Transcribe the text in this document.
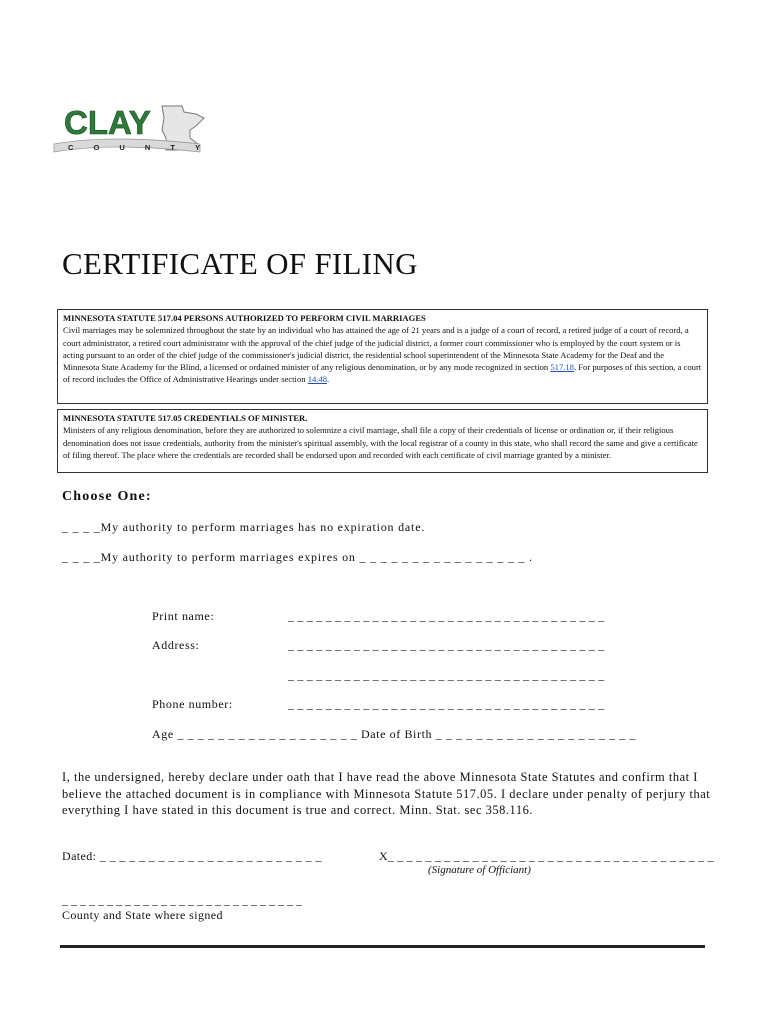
CLAY
C O U N T Y
CERTIFICATE OF FILING
MINNESOTA STATUTE 517.04 PERSONS AUTHORIZED TO PERFORM CIVIL MARRIAGES
Civil marriages may be solemnized throughout the state by an individual who has attained the age of 21 years and is a judge of a court of record, a retired judge of a court of record, a court administrator, a retired court administrator with the approval of the chief judge of the judicial district, a former court commissioner who is employed by the court system or is acting pursuant to an order of the chief judge of the commissioner's judicial district, the residential school superintendent of the Minnesota State Academy for the Deaf and the Minnesota State Academy for the Blind, a licensed or ordained minister of any religious denomination, or by any mode recognized in section 517.18. For purposes of this section, a court of record includes the Office of Administrative Hearings under section 14.48.
MINNESOTA STATUTE 517.05 CREDENTIALS OF MINISTER.
Ministers of any religious denomination, before they are authorized to solemnize a civil marriage, shall file a copy of their credentials of license or ordination or, if their religious denomination does not issue credentials, authority from the minister's spiritual assembly, with the local registrar of a county in this state, who shall record the same and give a certificate of filing thereof. The place where the credentials are recorded shall be endorsed upon and recorded with each certificate of civil marriage granted by a minister.
Choose One:
_ _ _ _My authority to perform marriages has no expiration date.
_ _ _ _My authority to perform marriages expires on _ _ _ _ _ _ _ _ _ _ _ _ _ _ _ _ .
Print name:	_ _ _ _ _ _ _ _ _ _ _ _ _ _ _ _ _ _ _ _ _ _ _ _ _ _ _ _ _ _ _ _ _ _
Address:	_ _ _ _ _ _ _ _ _ _ _ _ _ _ _ _ _ _ _ _ _ _ _ _ _ _ _ _ _ _ _ _ _ _
_ _ _ _ _ _ _ _ _ _ _ _ _ _ _ _ _ _ _ _ _ _ _ _ _ _ _ _ _ _ _ _ _ _
Phone number:	_ _ _ _ _ _ _ _ _ _ _ _ _ _ _ _ _ _ _ _ _ _ _ _ _ _ _ _ _ _ _ _ _ _
Age _ _ _ _ _ _ _ _ _ _ _ _ _ _ _ _ _ _ Date of Birth _ _ _ _ _ _ _ _ _ _ _ _ _ _ _ _ _ _ _ _
I, the undersigned, hereby declare under oath that I have read the above Minnesota State Statutes and confirm that I believe the attached document is in compliance with Minnesota Statute 517.05. I declare under penalty of perjury that everything I have stated in this document is true and correct. Minn. Stat. sec 358.116.
Dated: _ _ _ _ _ _ _ _ _ _ _ _ _ _ _ _ _ _ _ _ _ _ _	X_ _ _ _ _ _ _ _ _ _ _ _ _ _ _ _ _ _ _ _ _ _ _ _ _ _ _ _ _ _ _ _ _ _ _
(Signature of Officiant)
_ _ _ _ _ _ _ _ _ _ _ _ _ _ _ _ _ _ _ _ _ _ _ _ _ _ _
County and State where signed
